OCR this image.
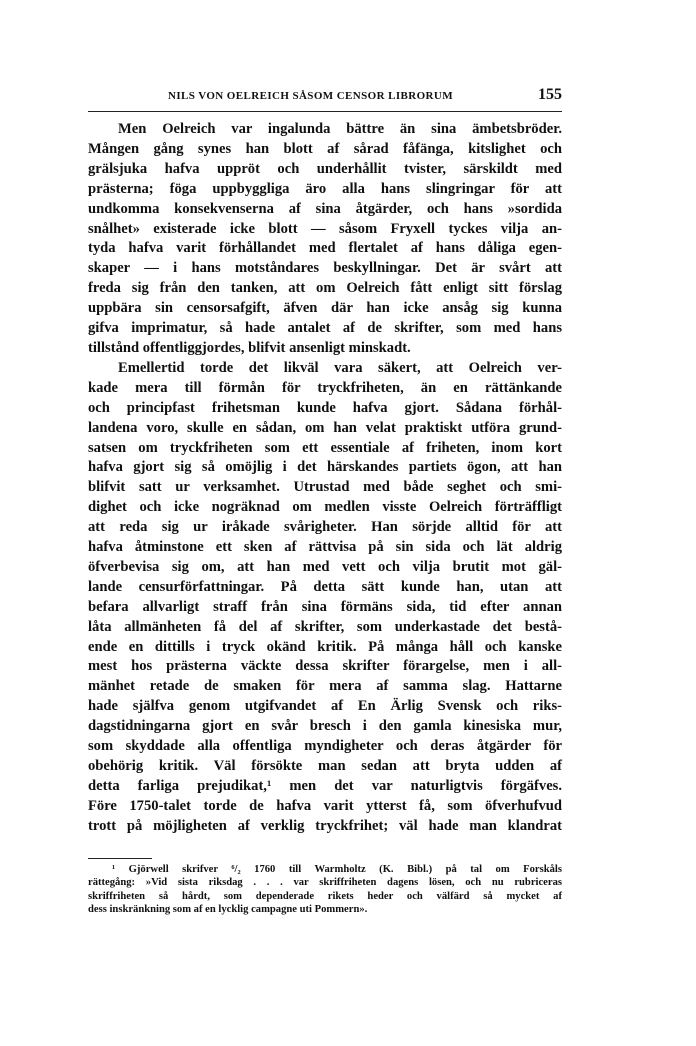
NILS VON OELREICH SÅSOM CENSOR LIBRORUM	155

Men Oelreich var ingalunda bättre än sina ämbetsbröder.
Mången gång synes han blott af sårad fåfänga, kitslighet och
grälsjuka hafva uppröt och underhållit tvister, särskildt med
prästerna; föga uppbyggliga äro alla hans slingringar för att
undkomma konsekvenserna af sina åtgärder, och hans »sordida
snålhet» existerade icke blott — såsom Fryxell tyckes vilja an-
tyda hafva varit förhållandet med flertalet af hans dåliga egen-
skaper — i hans motståndares beskyllningar. Det är svårt att
freda sig från den tanken, att om Oelreich fått enligt sitt förslag
uppbära sin censorsafgift, äfven där han icke ansåg sig kunna
gifva imprimatur, så hade antalet af de skrifter, som med hans
tillstånd offentliggjordes, blifvit ansenligt minskadt.

Emellertid torde det likväl vara säkert, att Oelreich ver-
kade mera till förmån för tryckfriheten, än en rättänkande
och principfast frihetsman kunde hafva gjort. Sådana förhål-
landena voro, skulle en sådan, om han velat praktiskt utföra grund-
satsen om tryckfriheten som ett essentiale af friheten, inom kort
hafva gjort sig så omöjlig i det härskandes partiets ögon, att han
blifvit satt ur verksamhet. Utrustad med både seghet och smi-
dighet och icke nogräknad om medlen visste Oelreich förträffligt
att reda sig ur iråkade svårigheter. Han sörjde alltid för att
hafva åtminstone ett sken af rättvisa på sin sida och lät aldrig
öfverbevisa sig om, att han med vett och vilja brutit mot gäl-
lande censurförfattningar. På detta sätt kunde han, utan att
befara allvarligt straff från sina förmäns sida, tid efter annan
låta allmänheten få del af skrifter, som underkastade det bestå-
ende en dittills i tryck okänd kritik. På många håll och kanske
mest hos prästerna väckte dessa skrifter förargelse, men i all-
mänhet retade de smaken för mera af samma slag. Hattarne
hade själfva genom utgifvandet af En Ärlig Svensk och riks-
dagstidningarna gjort en svår bresch i den gamla kinesiska mur,
som skyddade alla offentliga myndigheter och deras åtgärder för
obehörig kritik. Väl försökte man sedan att bryta udden af
detta farliga prejudikat,¹ men det var naturligtvis förgäfves.
Före 1750-talet torde de hafva varit ytterst få, som öfverhufvud
trott på möjligheten af verklig tryckfrihet; väl hade man klandrat

¹ Gjörwell skrifver ⁶/₂ 1760 till Warmholtz (K. Bibl.) på tal om Forskåls
rättegång: »Vid sista riksdag . . . var skriffriheten dagens lösen, och nu rubriceras
skriffriheten så hårdt, som dependerade rikets heder och välfärd så mycket af
dess inskränkning som af en lycklig campagne uti Pommern».
